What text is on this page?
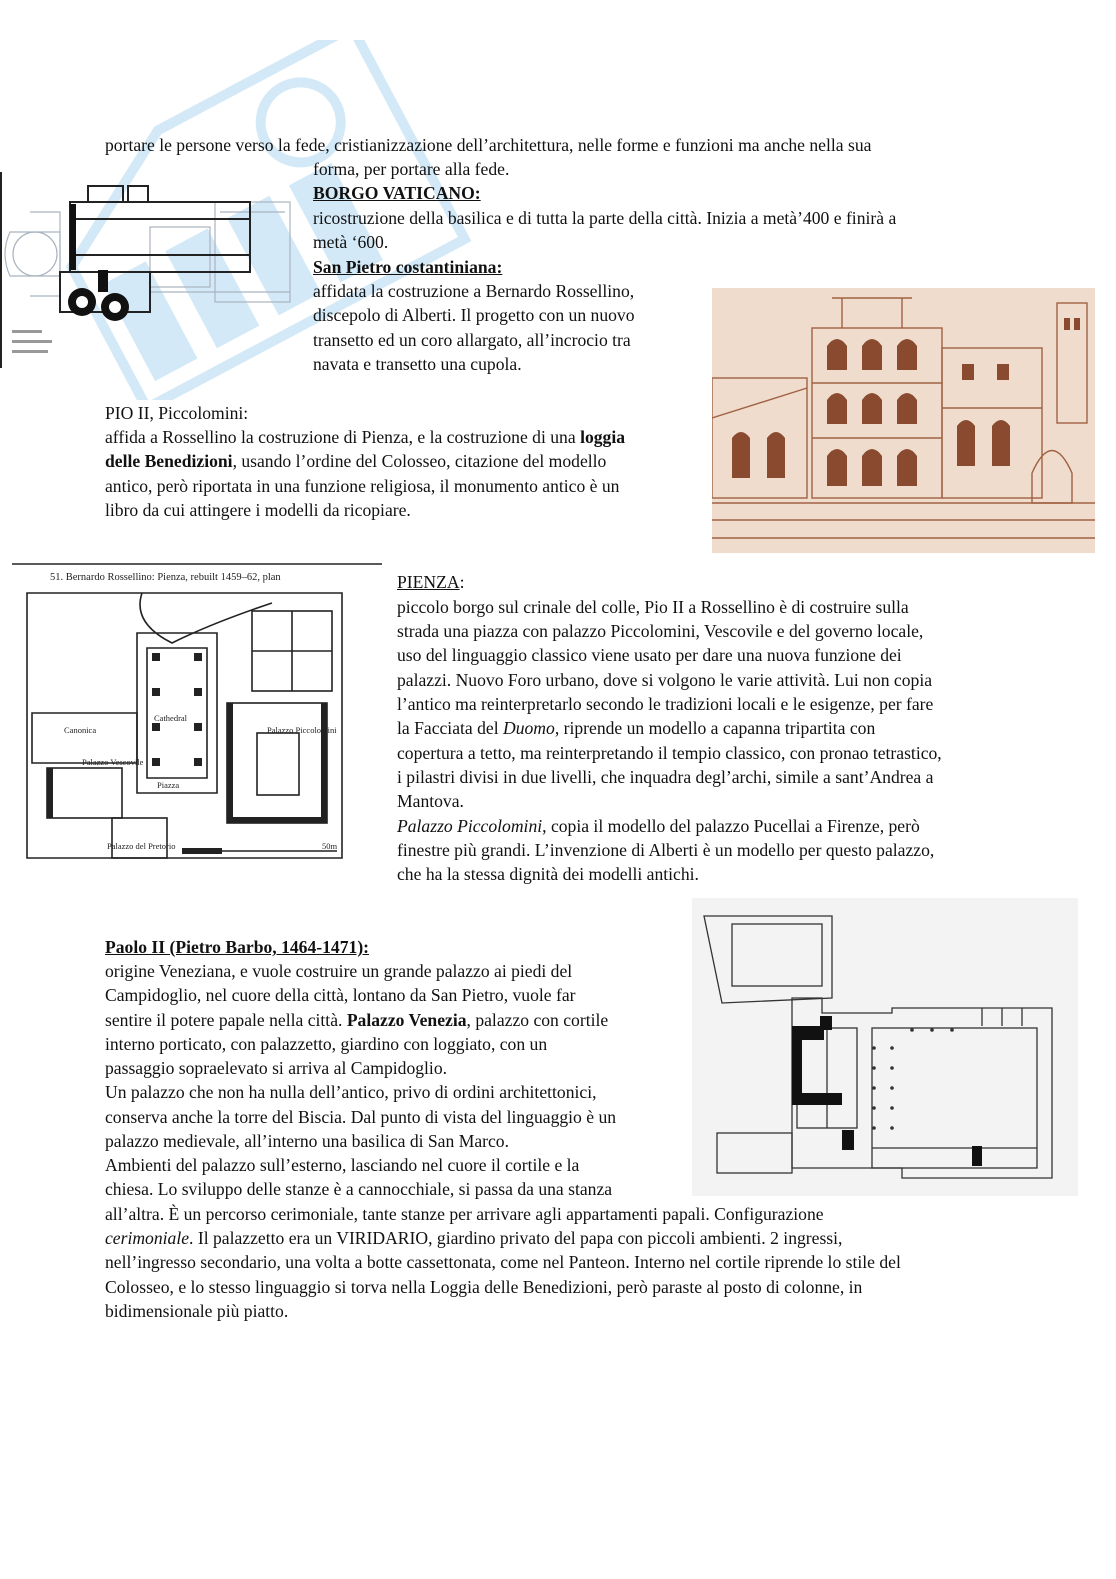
portare le persone verso la fede, cristianizzazione dell’architettura, nelle forme e funzioni ma anche nella sua
forma, per portare alla fede.
BORGO VATICANO:
ricostruzione della basilica e di tutta la parte della città. Inizia a metà’400 e finirà a
metà ‘600.
San Pietro costantiniana:
affidata la costruzione a Bernardo Rossellino,
discepolo di Alberti. Il progetto con un nuovo
transetto ed un coro allargato, all’incrocio tra
navata e transetto una cupola.
PIO II, Piccolomini:
affida a Rossellino la costruzione di Pienza, e la costruzione di una loggia
delle Benedizioni, usando l’ordine del Colosseo, citazione del modello
antico, però riportata in una funzione religiosa, il monumento antico è un
libro da cui attingere i modelli da ricopiare.
51. Bernardo Rossellino: Pienza, rebuilt 1459–62, plan
Cathedral
Canonica
Palazzo Vescovile
Palazzo Piccolomini
Piazza
Palazzo del Pretorio	50m
PIENZA:
piccolo borgo sul crinale del colle, Pio II a Rossellino è di costruire sulla
strada una piazza con palazzo Piccolomini, Vescovile e del governo locale,
uso del linguaggio classico viene usato per dare una nuova funzione dei
palazzi. Nuovo Foro urbano, dove si volgono le varie attività. Lui non copia
l’antico ma reinterpretarlo secondo le tradizioni locali e le esigenze, per fare
la Facciata del Duomo, riprende un modello a capanna tripartita con
copertura a tetto, ma reinterpretando il tempio classico, con pronao tetrastico,
i pilastri divisi in due livelli, che inquadra degl’archi, simile a sant’Andrea a
Mantova.
Palazzo Piccolomini, copia il modello del palazzo Pucellai a Firenze, però
finestre più grandi. L’invenzione di Alberti è un modello per questo palazzo,
che ha la stessa dignità dei modelli antichi.
Paolo II (Pietro Barbo, 1464-1471):
origine Veneziana, e vuole costruire un grande palazzo ai piedi del
Campidoglio, nel cuore della città, lontano da San Pietro, vuole far
sentire il potere papale nella città. Palazzo Venezia, palazzo con cortile
interno porticato, con palazzetto, giardino con loggiato, con un
passaggio sopraelevato si arriva al Campidoglio.
Un palazzo che non ha nulla dell’antico, privo di ordini architettonici,
conserva anche la torre del Biscia. Dal punto di vista del linguaggio è un
palazzo medievale, all’interno una basilica di San Marco.
Ambienti del palazzo sull’esterno, lasciando nel cuore il cortile e la
chiesa. Lo sviluppo delle stanze è a cannocchiale, si passa da una stanza
all’altra. È un percorso cerimoniale, tante stanze per arrivare agli appartamenti papali. Configurazione
cerimoniale. Il palazzetto era un VIRIDARIO, giardino privato del papa con piccoli ambienti. 2 ingressi,
nell’ingresso secondario, una volta a botte cassettonata, come nel Panteon. Interno nel cortile riprende lo stile del
Colosseo, e lo stesso linguaggio si torva nella Loggia delle Benedizioni, però paraste al posto di colonne, in
bidimensionale più piatto.
